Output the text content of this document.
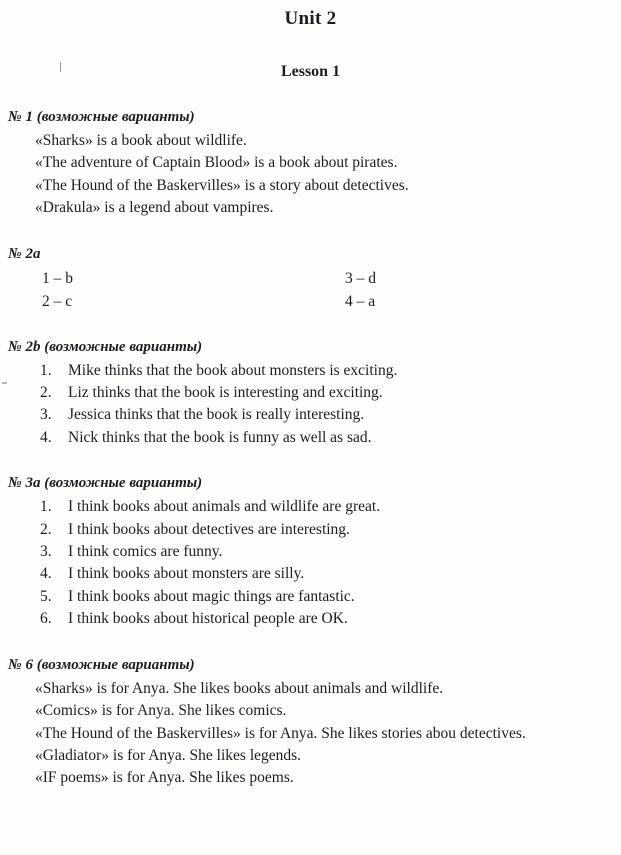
Unit 2
Lesson 1
№ 1 (возможные варианты)
«Sharks» is a book about wildlife.
«The adventure of Captain Blood» is a book about pirates.
«The Hound of the Baskervilles» is a story about detectives.
«Drakula» is a legend about vampires.
№ 2a
1 – b
2 – c
3 – d
4 – a
№ 2b (возможные варианты)
1.	Mike thinks that the book about monsters is exciting.
2.	Liz thinks that the book is interesting and exciting.
3.	Jessica thinks that the book is really interesting.
4.	Nick thinks that the book is funny as well as sad.
№ 3a (возможные варианты)
1.	I think books about animals and wildlife are great.
2.	I think books about detectives are interesting.
3.	I think comics are funny.
4.	I think books about monsters are silly.
5.	I think books about magic things are fantastic.
6.	I think books about historical people are OK.
№ 6 (возможные варианты)
«Sharks» is for Anya. She likes books about animals and wildlife.
«Comics» is for Anya. She likes comics.
«The Hound of the Baskervilles» is for Anya. She likes stories abou detectives.
«Gladiator» is for Anya. She likes legends.
«IF poems» is for Anya. She likes poems.
